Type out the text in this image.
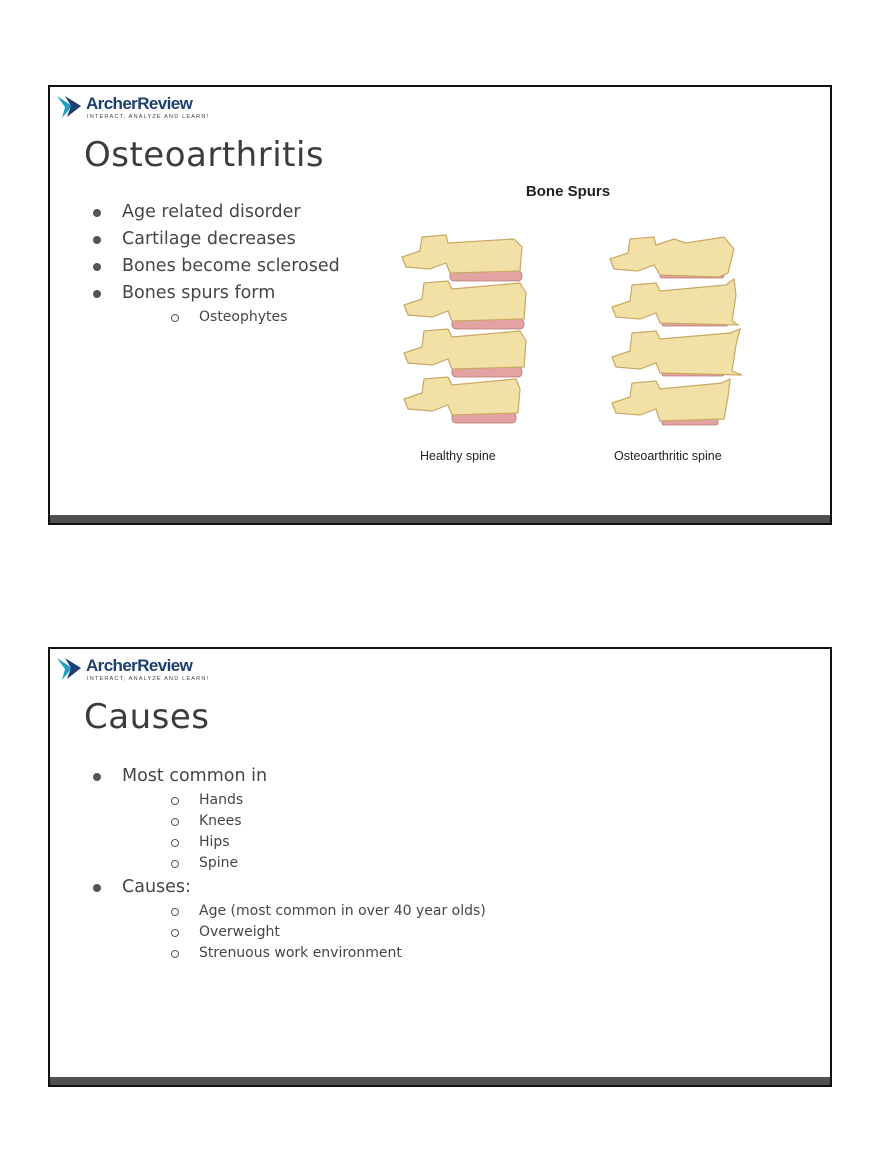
ArcherReview
INTERACT, ANALYZE AND LEARN!
Osteoarthritis
Age related disorder
Cartilage decreases
Bones become sclerosed
Bones spurs form
Osteophytes
Bone Spurs
Healthy spine	Osteoarthritic spine
ArcherReview
INTERACT, ANALYZE AND LEARN!
Causes
Most common in
Hands
Knees
Hips
Spine
Causes:
Age (most common in over 40 year olds)
Overweight
Strenuous work environment
